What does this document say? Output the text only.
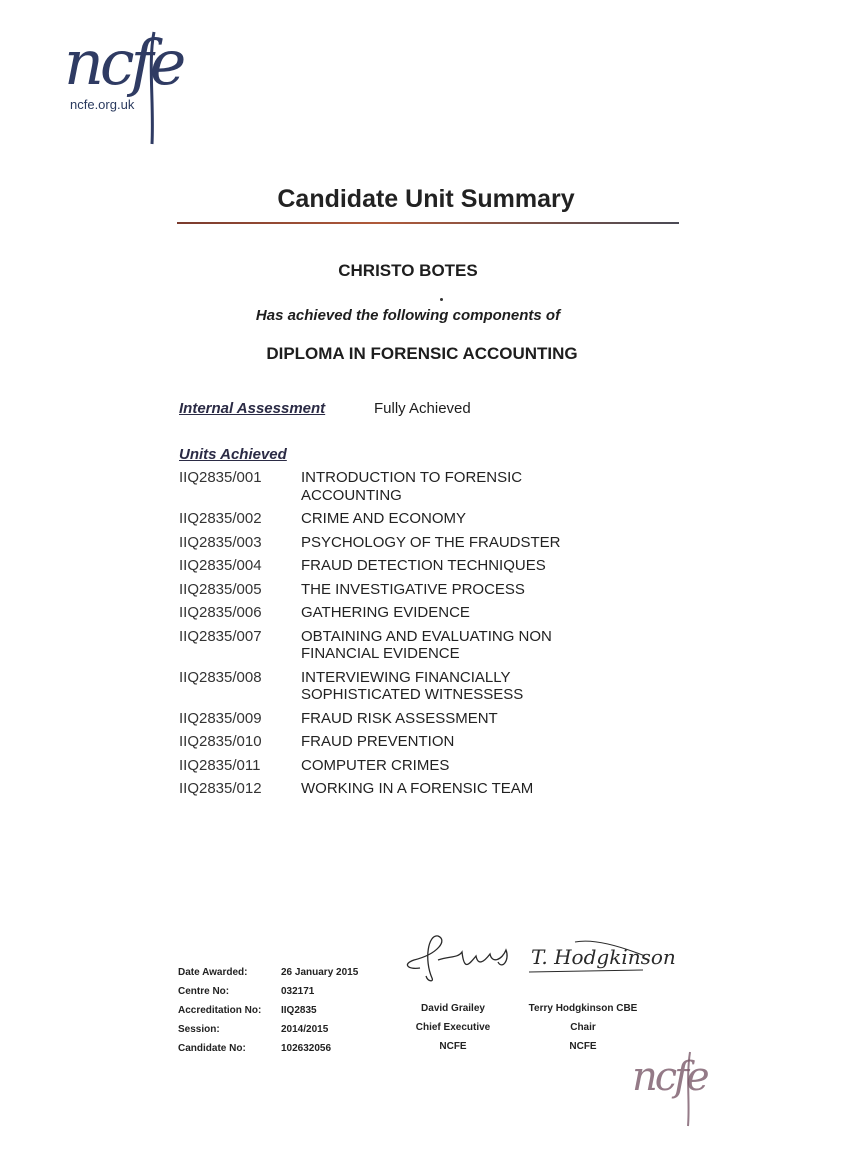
ncfe
ncfe.org.uk
Candidate Unit Summary
CHRISTO BOTES
Has achieved the following components of
DIPLOMA IN FORENSIC ACCOUNTING
Internal Assessment	Fully Achieved
Units Achieved
IIQ2835/001	INTRODUCTION TO FORENSIC ACCOUNTING
IIQ2835/002	CRIME AND ECONOMY
IIQ2835/003	PSYCHOLOGY OF THE FRAUDSTER
IIQ2835/004	FRAUD DETECTION TECHNIQUES
IIQ2835/005	THE INVESTIGATIVE PROCESS
IIQ2835/006	GATHERING EVIDENCE
IIQ2835/007	OBTAINING AND EVALUATING NON FINANCIAL EVIDENCE
IIQ2835/008	INTERVIEWING FINANCIALLY SOPHISTICATED WITNESSESS
IIQ2835/009	FRAUD RISK ASSESSMENT
IIQ2835/010	FRAUD PREVENTION
IIQ2835/011	COMPUTER CRIMES
IIQ2835/012	WORKING IN A FORENSIC TEAM
Date Awarded:	26 January 2015
Centre No:	032171
Accreditation No:	IIQ2835
Session:	2014/2015
Candidate No:	102632056
T. Hodgkinson
David Grailey
Chief Executive
NCFE
Terry Hodgkinson CBE
Chair
NCFE
ncfe
